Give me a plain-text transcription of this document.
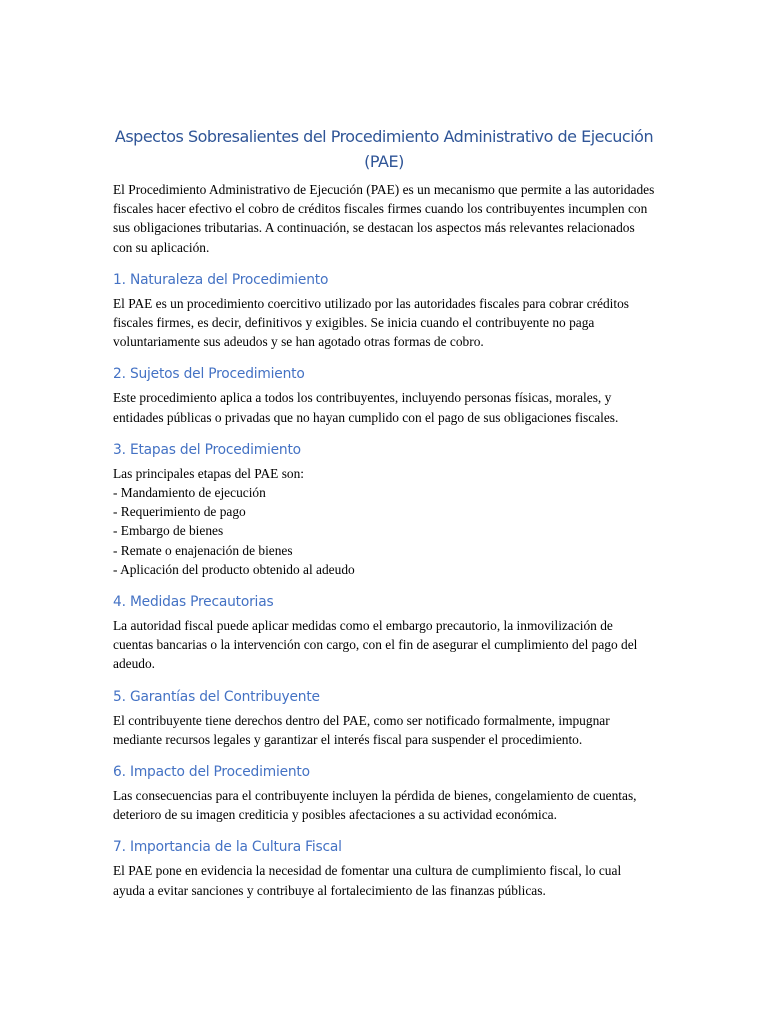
Aspectos Sobresalientes del Procedimiento Administrativo de Ejecución (PAE)

El Procedimiento Administrativo de Ejecución (PAE) es un mecanismo que permite a las autoridades fiscales hacer efectivo el cobro de créditos fiscales firmes cuando los contribuyentes incumplen con sus obligaciones tributarias. A continuación, se destacan los aspectos más relevantes relacionados con su aplicación.

1. Naturaleza del Procedimiento

El PAE es un procedimiento coercitivo utilizado por las autoridades fiscales para cobrar créditos fiscales firmes, es decir, definitivos y exigibles. Se inicia cuando el contribuyente no paga voluntariamente sus adeudos y se han agotado otras formas de cobro.

2. Sujetos del Procedimiento

Este procedimiento aplica a todos los contribuyentes, incluyendo personas físicas, morales, y entidades públicas o privadas que no hayan cumplido con el pago de sus obligaciones fiscales.

3. Etapas del Procedimiento

Las principales etapas del PAE son:

- Mandamiento de ejecución
- Requerimiento de pago
- Embargo de bienes
- Remate o enajenación de bienes
- Aplicación del producto obtenido al adeudo
4. Medidas Precautorias

La autoridad fiscal puede aplicar medidas como el embargo precautorio, la inmovilización de cuentas bancarias o la intervención con cargo, con el fin de asegurar el cumplimiento del pago del adeudo.

5. Garantías del Contribuyente

El contribuyente tiene derechos dentro del PAE, como ser notificado formalmente, impugnar mediante recursos legales y garantizar el interés fiscal para suspender el procedimiento.

6. Impacto del Procedimiento

Las consecuencias para el contribuyente incluyen la pérdida de bienes, congelamiento de cuentas, deterioro de su imagen crediticia y posibles afectaciones a su actividad económica.

7. Importancia de la Cultura Fiscal

El PAE pone en evidencia la necesidad de fomentar una cultura de cumplimiento fiscal, lo cual ayuda a evitar sanciones y contribuye al fortalecimiento de las finanzas públicas.
